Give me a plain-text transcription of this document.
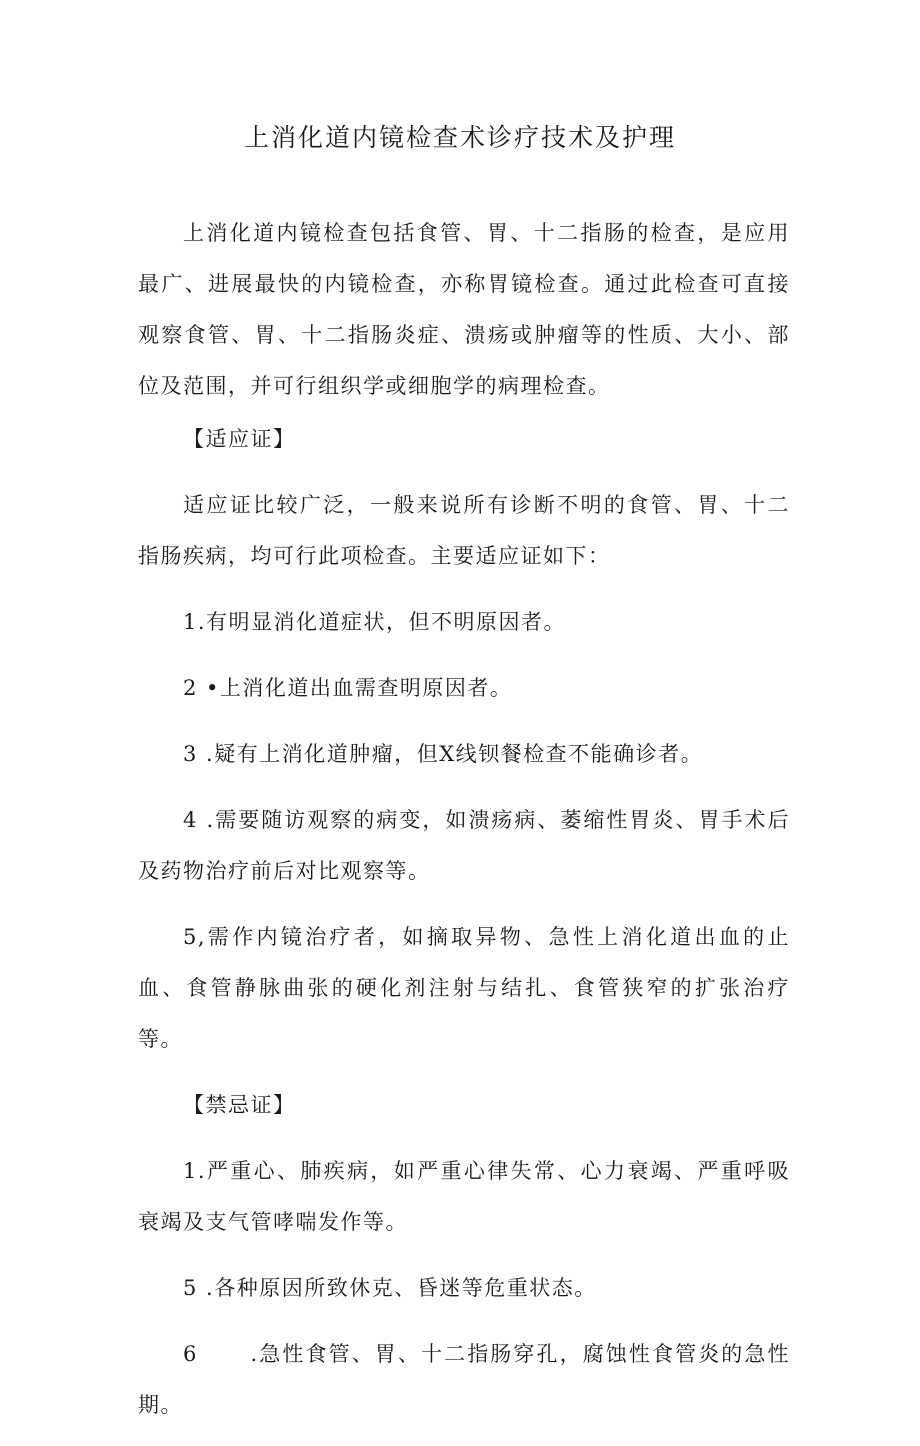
上消化道内镜检查术诊疗技术及护理

上消化道内镜检查包括食管、胃、十二指肠的检查，是应用最广、进展最快的内镜检查，亦称胃镜检查。通过此检查可直接观察食管、胃、十二指肠炎症、溃疡或肿瘤等的性质、大小、部位及范围，并可行组织学或细胞学的病理检查。

【适应证】

适应证比较广泛，一般来说所有诊断不明的食管、胃、十二指肠疾病，均可行此项检查。主要适应证如下：

1.有明显消化道症状，但不明原因者。

2 •上消化道出血需查明原因者。

3 .疑有上消化道肿瘤，但X线钡餐检查不能确诊者。

4 .需要随访观察的病变，如溃疡病、萎缩性胃炎、胃手术后及药物治疗前后对比观察等。

5,需作内镜治疗者，如摘取异物、急性上消化道出血的止血、食管静脉曲张的硬化剂注射与结扎、食管狭窄的扩张治疗等。

【禁忌证】

1.严重心、肺疾病，如严重心律失常、心力衰竭、严重呼吸衰竭及支气管哮喘发作等。

5 .各种原因所致休克、昏迷等危重状态。

6      .急性食管、胃、十二指肠穿孔，腐蚀性食管炎的急性期。
